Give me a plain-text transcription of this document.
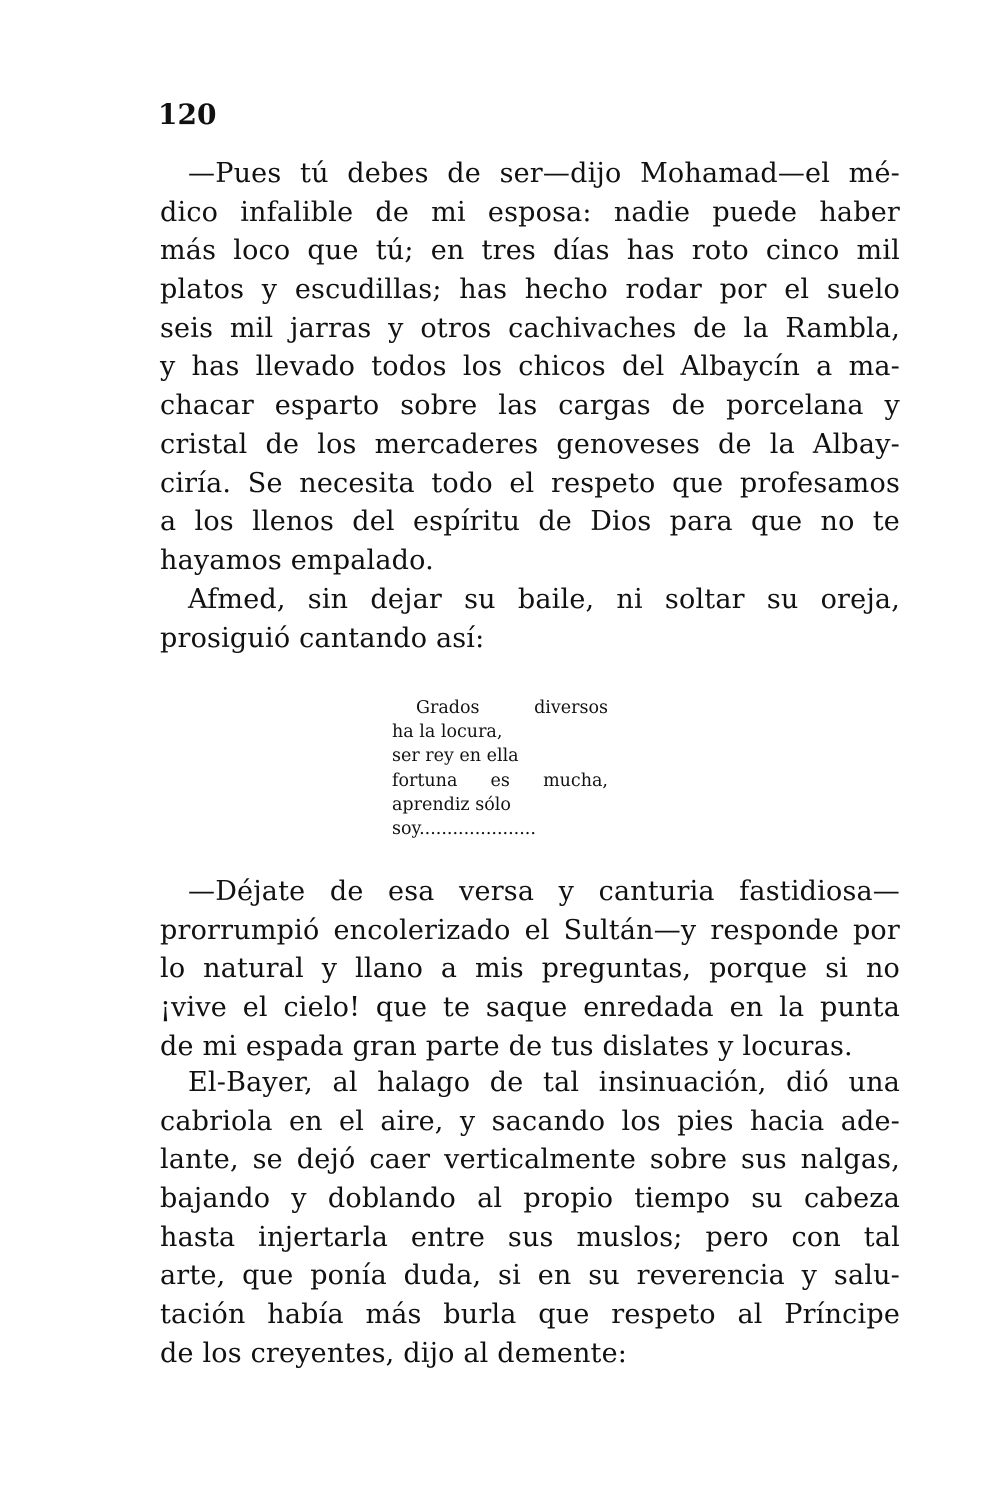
120
—Pues tú debes de ser—dijo Mohamad—el mé-
dico infalible de mi esposa: nadie puede haber
más loco que tú; en tres días has roto cinco mil
platos y escudillas; has hecho rodar por el suelo
seis mil jarras y otros cachivaches de la Rambla,
y has llevado todos los chicos del Albaycín a ma-
chacar esparto sobre las cargas de porcelana y
cristal de los mercaderes genoveses de la Albay-
ciría. Se necesita todo el respeto que profesamos
a los llenos del espíritu de Dios para que no te
hayamos empalado.
Afmed, sin dejar su baile, ni soltar su oreja,
prosiguió cantando así:
Grados diversos
ha la locura,
ser rey en ella
fortuna es mucha,
aprendiz sólo
soy.....................
—Déjate de esa versa y canturia fastidiosa—
prorrumpió encolerizado el Sultán—y responde por
lo natural y llano a mis preguntas, porque si no
¡vive el cielo! que te saque enredada en la punta
de mi espada gran parte de tus dislates y locuras.
El-Bayer, al halago de tal insinuación, dió una
cabriola en el aire, y sacando los pies hacia ade-
lante, se dejó caer verticalmente sobre sus nalgas,
bajando y doblando al propio tiempo su cabeza
hasta injertarla entre sus muslos; pero con tal
arte, que ponía duda, si en su reverencia y salu-
tación había más burla que respeto al Príncipe
de los creyentes, dijo al demente:
